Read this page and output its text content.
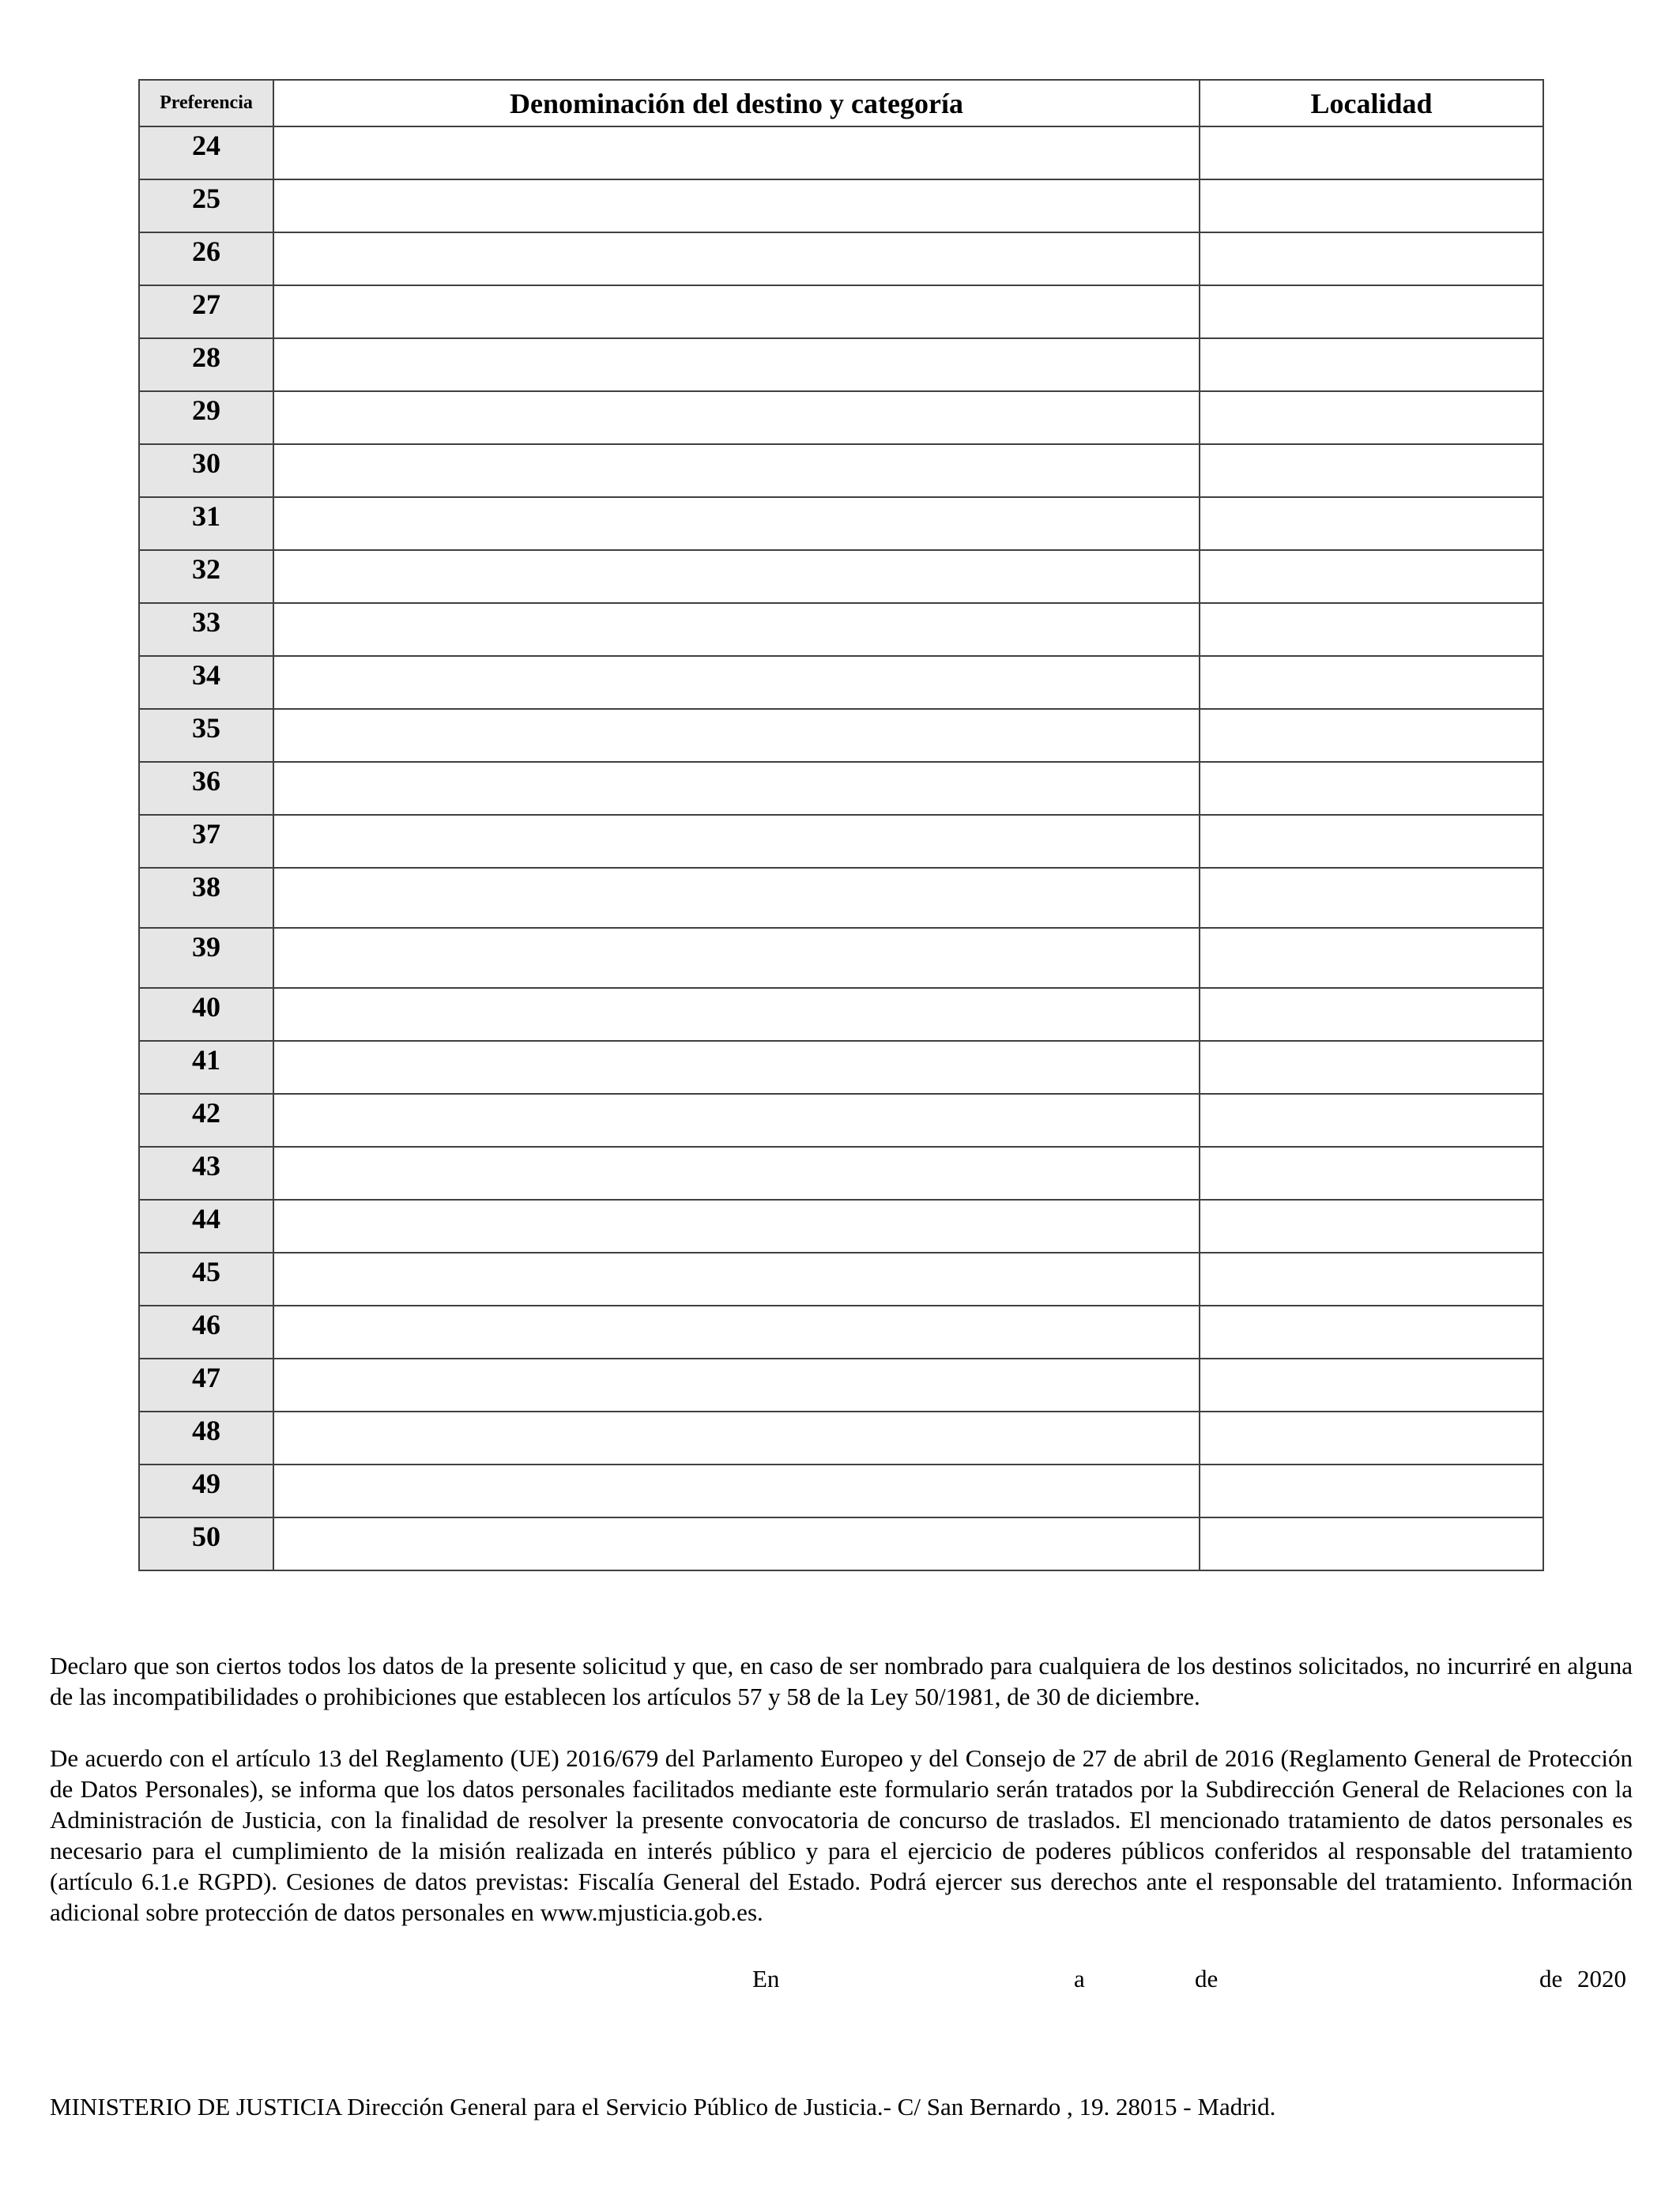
Preferencia	Denominación del destino y categoría	Localidad
24		
25		
26		
27		
28		
29		
30		
31		
32		
33		
34		
35		
36		
37		
38		
39		
40		
41		
42		
43		
44		
45		
46		
47		
48		
49		
50		

Declaro que son ciertos todos los datos de la presente solicitud y que, en caso de ser nombrado para cualquiera de los destinos solicitados, no incurriré en alguna de las incompatibilidades o prohibiciones que establecen los artículos 57 y 58 de la Ley 50/1981, de 30 de diciembre.

De acuerdo con el artículo 13 del Reglamento (UE) 2016/679 del Parlamento Europeo y del Consejo de 27 de abril de 2016 (Reglamento General de Protección de Datos Personales), se informa que los datos personales facilitados mediante este formulario serán tratados por la Subdirección General de Relaciones con la Administración de Justicia, con la finalidad de resolver la presente convocatoria de concurso de traslados. El mencionado tratamiento de datos personales es necesario para el cumplimiento de la misión realizada en interés público y para el ejercicio de poderes públicos conferidos al responsable del tratamiento (artículo 6.1.e RGPD). Cesiones de datos previstas: Fiscalía General del Estado. Podrá ejercer sus derechos ante el responsable del tratamiento. Información adicional sobre protección de datos personales en www.mjusticia.gob.es.

En	a	de	de 2020
MINISTERIO DE JUSTICIA Dirección General para el Servicio Público de Justicia.- C/ San Bernardo , 19. 28015 - Madrid.
